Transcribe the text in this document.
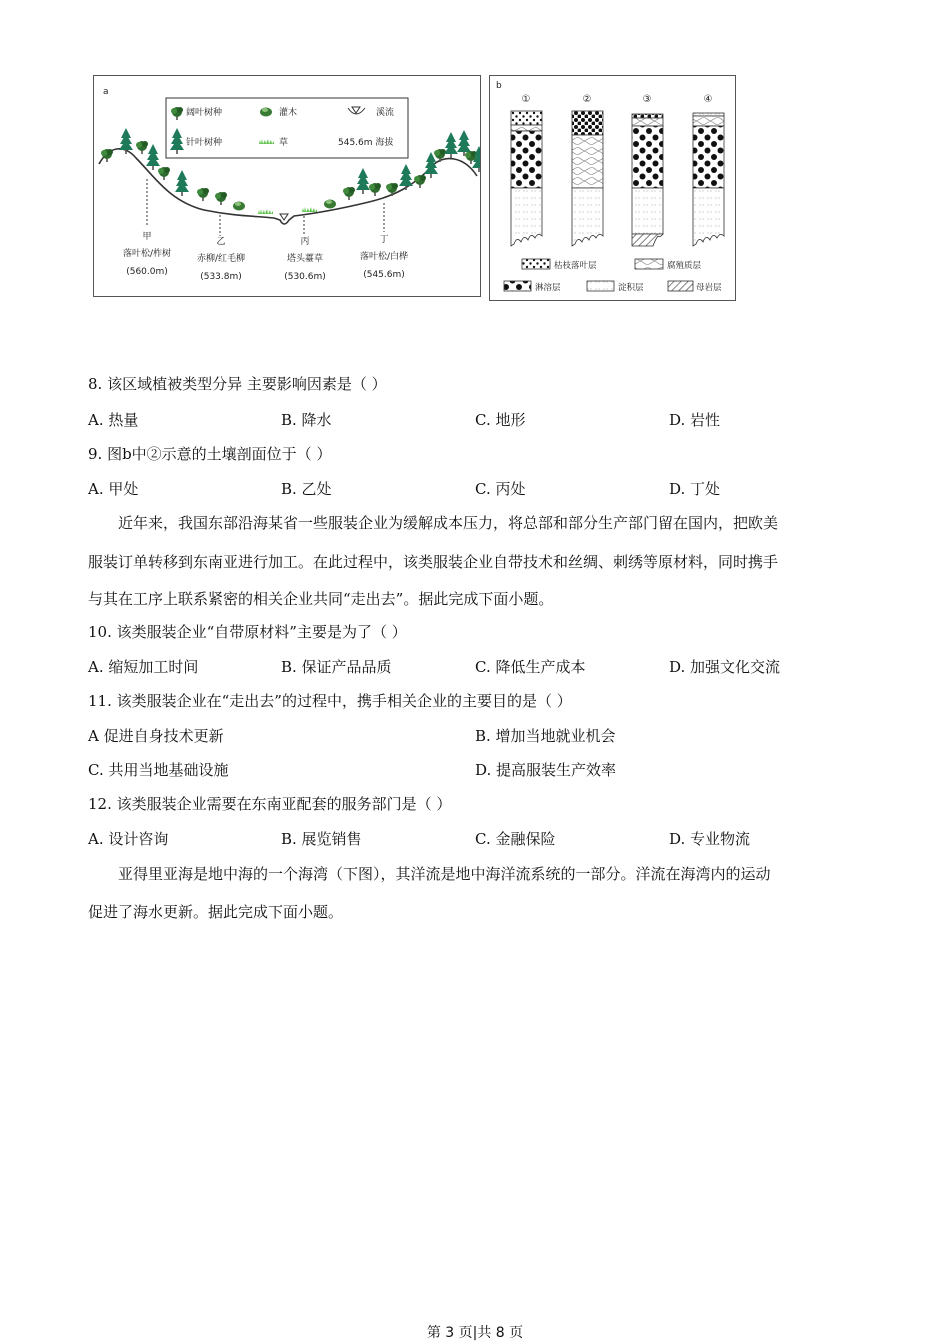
a
阔叶树种	灌木	溪流
针叶树种	草	545.6m 海拔
甲
落叶松/柞树
(560.0m)
乙
赤柳/红毛柳
(533.8m)
丙
塔头薹草
(530.6m)
丁
落叶松/白桦
(545.6m)
b
①	②	③	④
枯枝落叶层	腐殖质层
淋溶层	淀积层	母岩层
8. 该区域植被类型分异 主要影响因素是（ ）
A. 热量	B. 降水	C. 地形	D. 岩性
9. 图b中②示意的土壤剖面位于（ ）
A. 甲处	B. 乙处	C. 丙处	D. 丁处
　　近年来，我国东部沿海某省一些服装企业为缓解成本压力，将总部和部分生产部门留在国内，把欧美
服装订单转移到东南亚进行加工。在此过程中，该类服装企业自带技术和丝绸、刺绣等原材料，同时携手
与其在工序上联系紧密的相关企业共同“走出去”。据此完成下面小题。
10. 该类服装企业“自带原材料”主要是为了（ ）
A. 缩短加工时间	B. 保证产品品质	C. 降低生产成本	D. 加强文化交流
11. 该类服装企业在“走出去”的过程中，携手相关企业的主要目的是（ ）
A 促进自身技术更新	B. 增加当地就业机会
C. 共用当地基础设施	D. 提高服装生产效率
12. 该类服装企业需要在东南亚配套的服务部门是（ ）
A. 设计咨询	B. 展览销售	C. 金融保险	D. 专业物流
　　亚得里亚海是地中海的一个海湾（下图），其洋流是地中海洋流系统的一部分。洋流在海湾内的运动
促进了海水更新。据此完成下面小题。
第 3 页|共 8 页
